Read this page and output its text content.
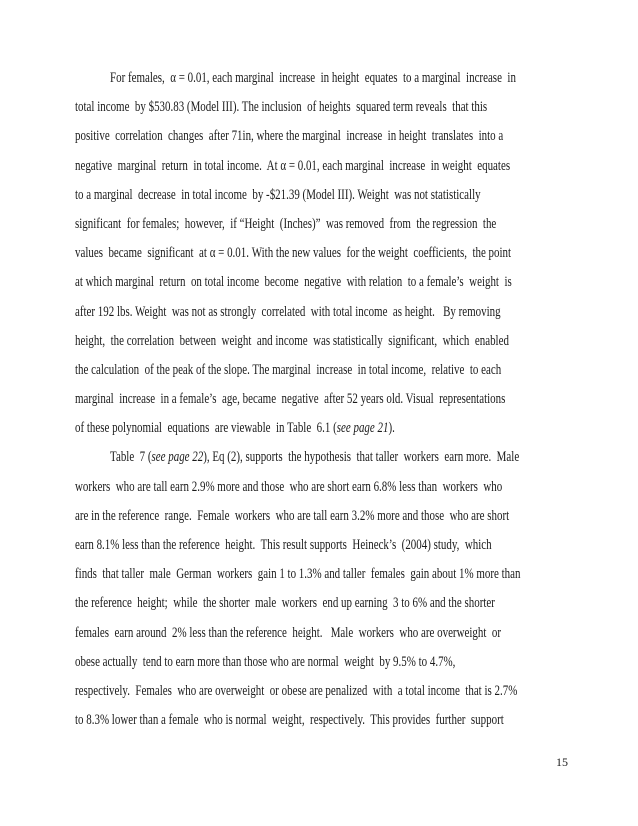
For females,  α = 0.01, each marginal  increase  in height  equates  to a marginal  increase  in
total income  by $530.83 (Model III). The inclusion  of heights  squared term reveals  that this
positive  correlation  changes  after 71in, where the marginal  increase  in height  translates  into a
negative  marginal  return  in total income.  At α = 0.01, each marginal  increase  in weight  equates
to a marginal  decrease  in total income  by -$21.39 (Model III). Weight  was not statistically
significant  for females;  however,  if “Height  (Inches)”  was removed  from  the regression  the
values  became  significant  at α = 0.01. With the new values  for the weight  coefficients,  the point
at which marginal  return  on total income  become  negative  with relation  to a female’s  weight  is
after 192 lbs. Weight  was not as strongly  correlated  with total income  as height.   By removing
height,  the correlation  between  weight  and income  was statistically  significant,  which  enabled
the calculation  of the peak of the slope. The marginal  increase  in total income,  relative  to each
marginal  increase  in a female’s  age, became  negative  after 52 years old. Visual  representations
of these polynomial  equations  are viewable  in Table  6.1 (see page 21).
Table  7 (see page 22), Eq (2), supports  the hypothesis  that taller  workers  earn more.  Male
workers  who are tall earn 2.9% more and those  who are short earn 6.8% less than  workers  who
are in the reference  range.  Female  workers  who are tall earn 3.2% more and those  who are short
earn 8.1% less than the reference  height.  This result supports  Heineck’s  (2004) study,  which
finds  that taller  male  German  workers  gain 1 to 1.3% and taller  females  gain about 1% more than
the reference  height;  while  the shorter  male  workers  end up earning  3 to 6% and the shorter
females  earn around  2% less than the reference  height.   Male  workers  who are overweight  or
obese actually  tend to earn more than those who are normal  weight  by 9.5% to 4.7%,
respectively.  Females  who are overweight  or obese are penalized  with  a total income  that is 2.7%
to 8.3% lower than a female  who is normal  weight,  respectively.  This provides  further  support
15
